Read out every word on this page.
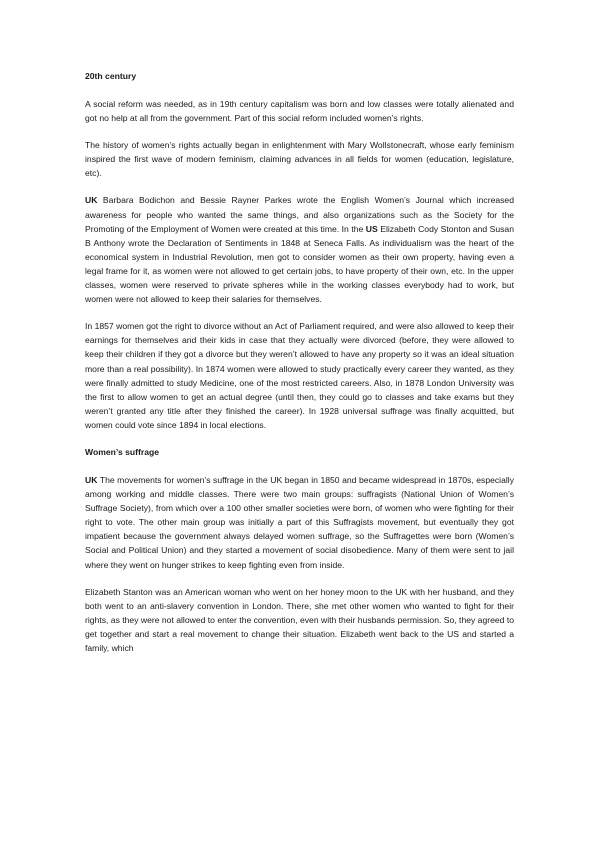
20th century

A social reform was needed, as in 19th century capitalism was born and low classes were totally alienated and got no help at all from the government. Part of this social reform included women’s rights.

The history of women’s rights actually began in enlightenment with Mary Wollstonecraft, whose early feminism inspired the first wave of modern feminism, claiming advances in all fields for women (education, legislature, etc).

UK Barbara Bodichon and Bessie Rayner Parkes wrote the English Women’s Journal which increased awareness for people who wanted the same things, and also organizations such as the Society for the Promoting of the Employment of Women were created at this time. In the US Elizabeth Cody Stonton and Susan B Anthony wrote the Declaration of Sentiments in 1848 at Seneca Falls. As individualism was the heart of the economical system in Industrial Revolution, men got to consider women as their own property, having even a legal frame for it, as women were not allowed to get certain jobs, to have property of their own, etc. In the upper classes, women were reserved to private spheres while in the working classes everybody had to work, but women were not allowed to keep their salaries for themselves.

In 1857 women got the right to divorce without an Act of Parliament required, and were also allowed to keep their earnings for themselves and their kids in case that they actually were divorced (before, they were allowed to keep their children if they got a divorce but they weren’t allowed to have any property so it was an ideal situation more than a real possibility). In 1874 women were allowed to study practically every career they wanted, as they were finally admitted to study Medicine, one of the most restricted careers. Also, in 1878 London University was the first to allow women to get an actual degree (until then, they could go to classes and take exams but they weren’t granted any title after they finished the career). In 1928 universal suffrage was finally acquitted, but women could vote since 1894 in local elections.

Women’s suffrage

UK The movements for women’s suffrage in the UK began in 1850 and became widespread in 1870s, especially among working and middle classes. There were two main groups: suffragists (National Union of Women’s Suffrage Society), from which over a 100 other smaller societies were born, of women who were fighting for their right to vote. The other main group was initially a part of this Suffragists movement, but eventually they got impatient because the government always delayed women suffrage, so the Suffragettes were born (Women’s Social and Political Union) and they started a movement of social disobedience. Many of them were sent to jail where they went on hunger strikes to keep fighting even from inside.

Elizabeth Stanton was an American woman who went on her honey moon to the UK with her husband, and they both went to an anti-slavery convention in London. There, she met other women who wanted to fight for their rights, as they were not allowed to enter the convention, even with their husbands permission. So, they agreed to get together and start a real movement to change their situation. Elizabeth went back to the US and started a family, which
